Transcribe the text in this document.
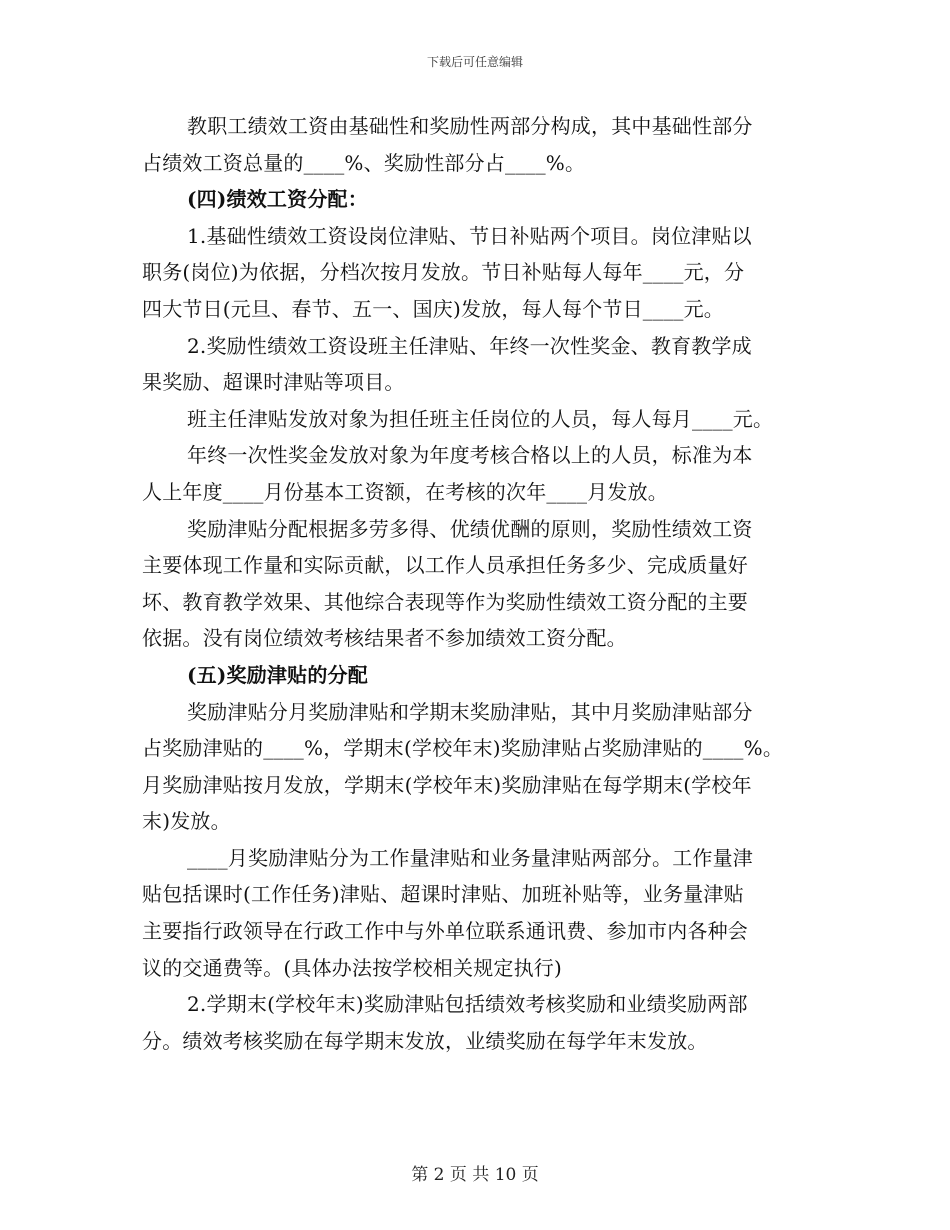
下载后可任意编辑
教职工绩效工资由基础性和奖励性两部分构成，其中基础性部分
占绩效工资总量的____%、奖励性部分占____%。
(四)绩效工资分配：
1.基础性绩效工资设岗位津贴、节日补贴两个项目。岗位津贴以
职务(岗位)为依据，分档次按月发放。节日补贴每人每年____元，分
四大节日(元旦、春节、五一、国庆)发放，每人每个节日____元。
2.奖励性绩效工资设班主任津贴、年终一次性奖金、教育教学成
果奖励、超课时津贴等项目。
班主任津贴发放对象为担任班主任岗位的人员，每人每月____元。
年终一次性奖金发放对象为年度考核合格以上的人员，标准为本
人上年度____月份基本工资额，在考核的次年____月发放。
奖励津贴分配根据多劳多得、优绩优酬的原则，奖励性绩效工资
主要体现工作量和实际贡献，以工作人员承担任务多少、完成质量好
坏、教育教学效果、其他综合表现等作为奖励性绩效工资分配的主要
依据。没有岗位绩效考核结果者不参加绩效工资分配。
(五)奖励津贴的分配
奖励津贴分月奖励津贴和学期末奖励津贴，其中月奖励津贴部分
占奖励津贴的____%，学期末(学校年末)奖励津贴占奖励津贴的____%。
月奖励津贴按月发放，学期末(学校年末)奖励津贴在每学期末(学校年
末)发放。
____月奖励津贴分为工作量津贴和业务量津贴两部分。工作量津
贴包括课时(工作任务)津贴、超课时津贴、加班补贴等，业务量津贴
主要指行政领导在行政工作中与外单位联系通讯费、参加市内各种会
议的交通费等。(具体办法按学校相关规定执行)
2.学期末(学校年末)奖励津贴包括绩效考核奖励和业绩奖励两部
分。绩效考核奖励在每学期末发放，业绩奖励在每学年末发放。
第 2 页 共 10 页
